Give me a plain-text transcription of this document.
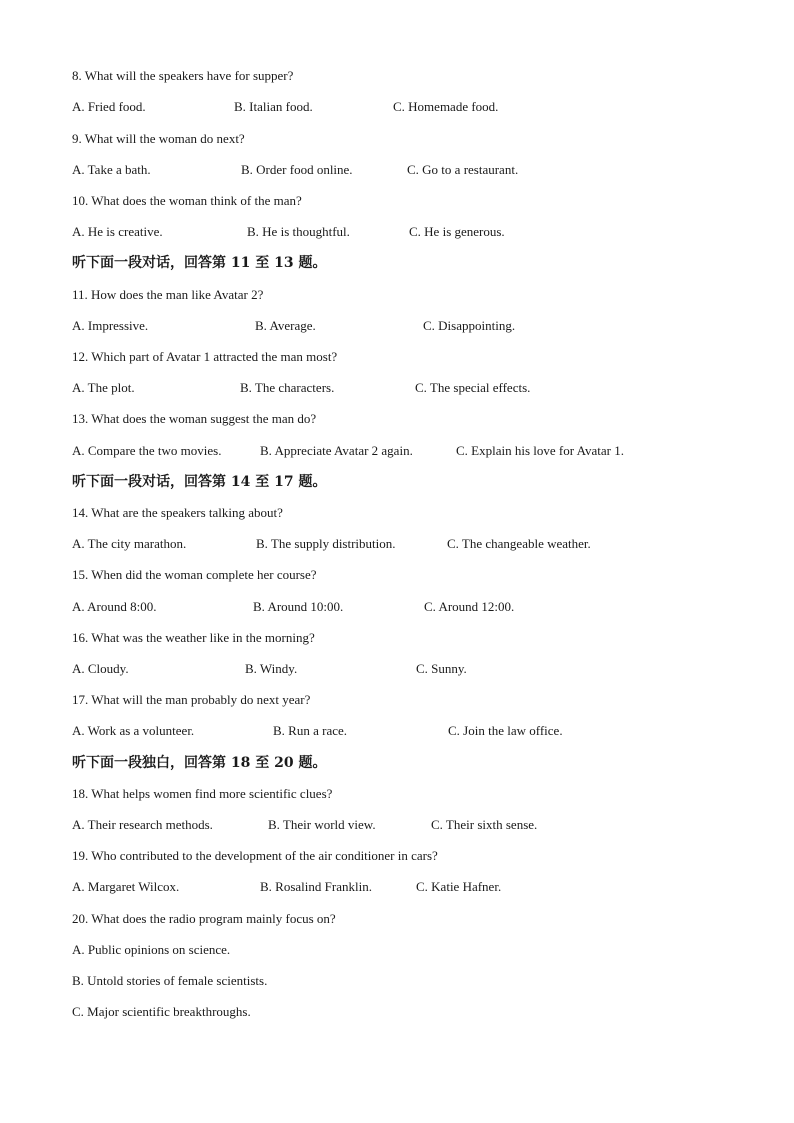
8. What will the speakers have for supper?
A. Fried food.	B. Italian food.	C. Homemade food.
9. What will the woman do next?
A. Take a bath.	B. Order food online.	C. Go to a restaurant.
10. What does the woman think of the man?
A. He is creative.	B. He is thoughtful.	C. He is generous.
听下面一段对话，回答第 11 至 13 题。
11. How does the man like Avatar 2?
A. Impressive.	B. Average.	C. Disappointing.
12. Which part of Avatar 1 attracted the man most?
A. The plot.	B. The characters.	C. The special effects.
13. What does the woman suggest the man do?
A. Compare the two movies.	B. Appreciate Avatar 2 again.	C. Explain his love for Avatar 1.
听下面一段对话，回答第 14 至 17 题。
14. What are the speakers talking about?
A. The city marathon.	B. The supply distribution.	C. The changeable weather.
15. When did the woman complete her course?
A. Around 8:00.	B. Around 10:00.	C. Around 12:00.
16. What was the weather like in the morning?
A. Cloudy.	B. Windy.	C. Sunny.
17. What will the man probably do next year?
A. Work as a volunteer.	B. Run a race.	C. Join the law office.
听下面一段独白，回答第 18 至 20 题。
18. What helps women find more scientific clues?
A. Their research methods.	B. Their world view.	C. Their sixth sense.
19. Who contributed to the development of the air conditioner in cars?
A. Margaret Wilcox.	B. Rosalind Franklin.	C. Katie Hafner.
20. What does the radio program mainly focus on?
A. Public opinions on science.
B. Untold stories of female scientists.
C. Major scientific breakthroughs.
